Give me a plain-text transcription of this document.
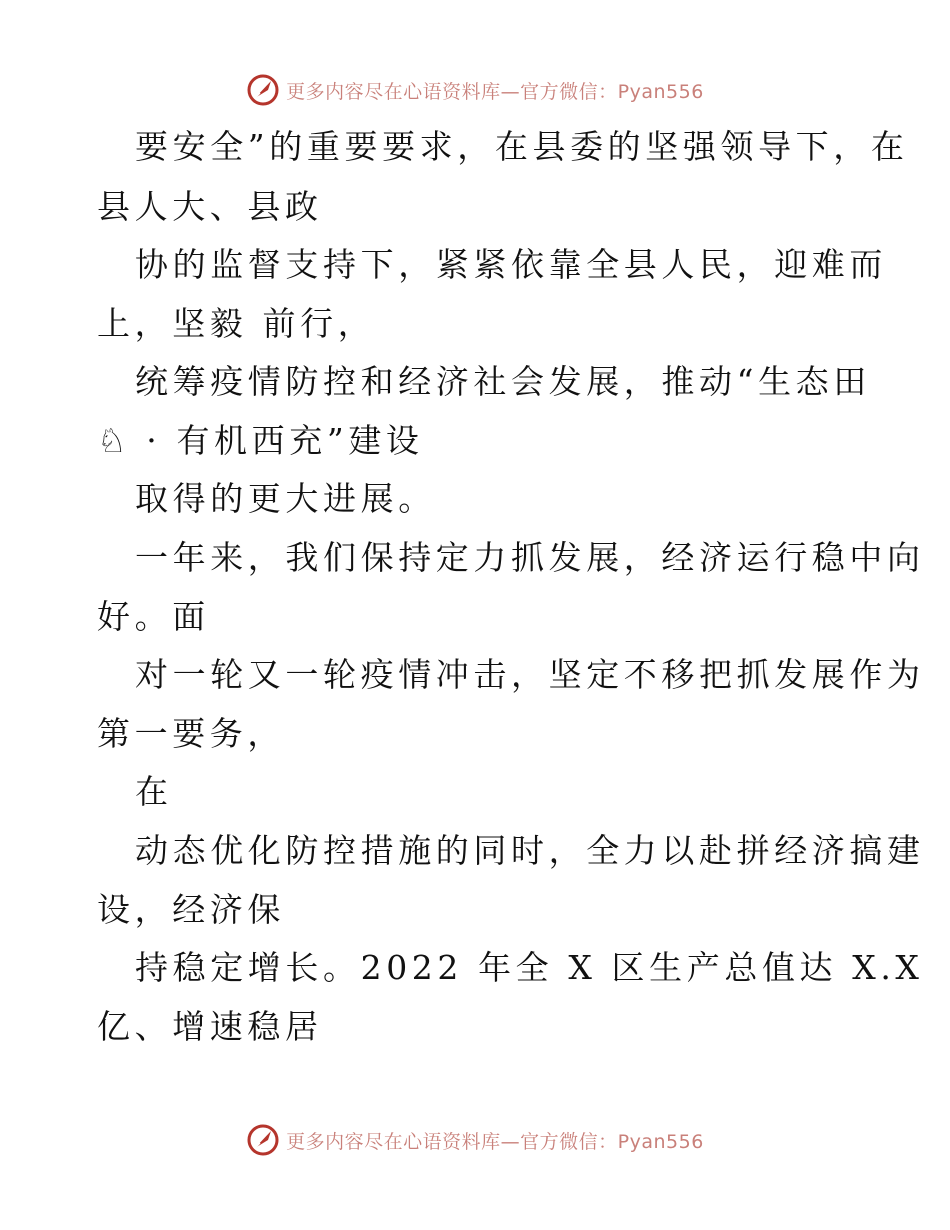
更多内容尽在心语资料库—官方微信：Pyan556
要安全”的重要要求，在县委的坚强领导下，在
县人大、县政
协的监督支持下，紧紧依靠全县人民，迎难而
上，坚毅 前行，
统筹疫情防控和经济社会发展，推动“生态田
♘ · 有机西充”建设
取得的更大进展。
一年来，我们保持定力抓发展，经济运行稳中向
好。面
对一轮又一轮疫情冲击，坚定不移把抓发展作为
第一要务，
在
动态优化防控措施的同时，全力以赴拼经济搞建
设，经济保
持稳定增长。2022 年全 X 区生产总值达 X.X
亿、增速稳居
更多内容尽在心语资料库—官方微信：Pyan556
